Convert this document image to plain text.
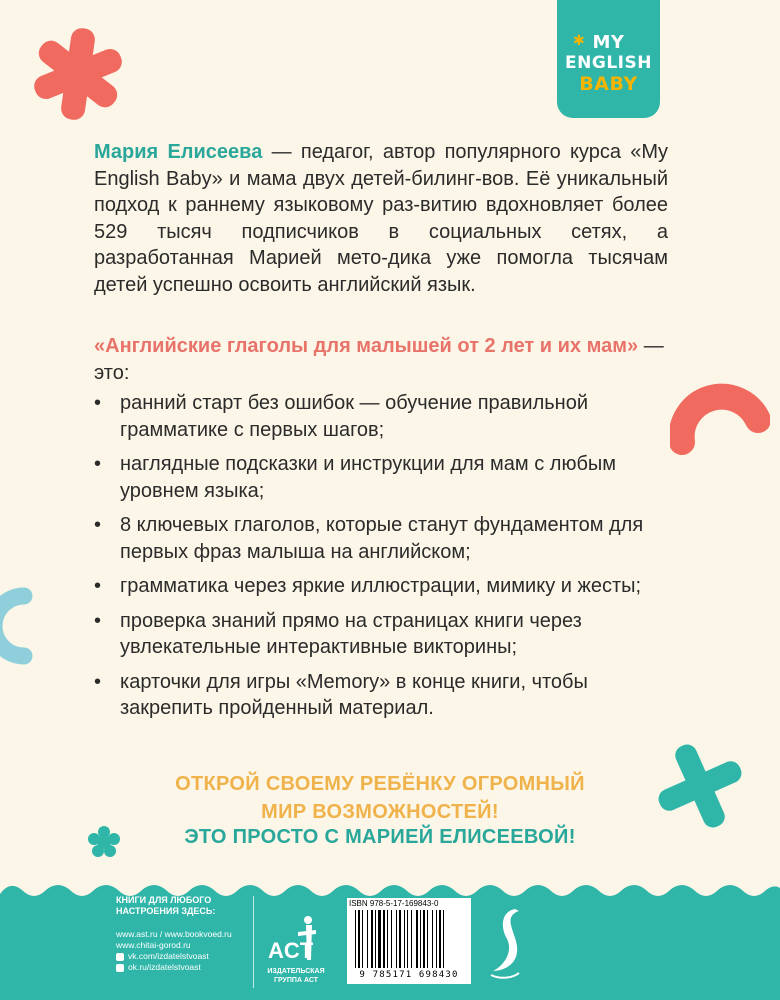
✱ MY
ENGLISH
BABY
Мария Елисеева — педагог, автор популярного курса «My English Baby» и мама двух детей-билинг-вов. Её уникальный подход к раннему языковому раз-витию вдохновляет более 529 тысяч подписчиков в социальных сетях, а разработанная Марией мето-дика уже помогла тысячам детей успешно освоить английский язык.
«Английские глаголы для малышей от 2 лет и их мам» — это:
• ранний старт без ошибок — обучение правильной грамматике с первых шагов;
• наглядные подсказки и инструкции для мам с любым уровнем языка;
• 8 ключевых глаголов, которые станут фундаментом для первых фраз малыша на английском;
• грамматика через яркие иллюстрации, мимику и жесты;
• проверка знаний прямо на страницах книги через увлекательные интерактивные викторины;
• карточки для игры «Memory» в конце книги, чтобы закрепить пройденный материал.
ОТКРОЙ СВОЕМУ РЕБЁНКУ ОГРОМНЫЙ
МИР ВОЗМОЖНОСТЕЙ!
ЭТО ПРОСТО С МАРИЕЙ ЕЛИСЕЕВОЙ!
КНИГИ ДЛЯ ЛЮБОГО
НАСТРОЕНИЯ ЗДЕСЬ:
www.ast.ru / www.bookvoed.ru
www.chitai-gorod.ru
vk.com/izdatelstvoast
ok.ru/izdatelstvoast
ACT
ИЗДАТЕЛЬСКАЯ
ГРУППА АСТ
ISBN 978-5-17-169843-0
9 785171 698430
